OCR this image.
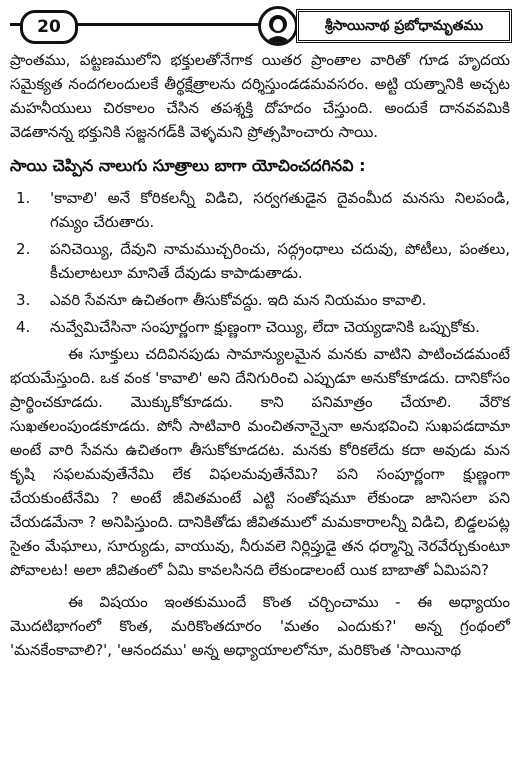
20	శ్రీసాయినాథ ప్రబోధామృతము

ప్రాంతము, పట్టణములోని భక్తులతోనేగాక యితర ప్రాంతాల వారితో గూడ హృదయ సమైక్యత నందగలందులకే తీర్థక్షేత్రాలను దర్శిస్తుండడమవసరం. అట్టి యత్నానికి అచ్చట మహనీయులు చిరకాలం చేసిన తపశ్శక్తి దోహదం చేస్తుంది. అందుకే దానవవమికి వెడతానన్న భక్తునికి సజ్జనగడ్‌కి వెళ్ళమని ప్రోత్సహించారు సాయి.

సాయి చెప్పిన నాలుగు సూత్రాలు బాగా యోచించదగినవి :
1. 'కావాలి' అనే కోరికలన్నీ విడిచి, సర్వగతుడైన దైవంమీద మనసు నిలపండి, గమ్యం చేరుతారు.
2. పనిచెయ్యి, దేవుని నామముచ్చరించు, సద్గ్రంధాలు చదువు, పోటీలు, పంతలు, కీచులాటలూ మానితే దేవుడు కాపాడుతాడు.
3. ఎవరి సేవనూ ఉచితంగా తీసుకోవద్దు. ఇది మన నియమం కావాలి.
4. నువ్వేమిచేసినా సంపూర్ణంగా క్షుణ్ణంగా చెయ్యి, లేదా చెయ్యడానికి ఒప్పుకోకు.

ఈ సూక్తులు చదివినపుడు సామాన్యులమైన మనకు వాటిని పాటించడమంటే భయమేస్తుంది. ఒక వంక 'కావాలి' అని దేనిగురించి ఎప్పుడూ అనుకోకూడదు. దానికోసం ప్రార్థించకూడదు. మొక్కుకోకూడదు. కాని పనిమాత్రం చేయాలి. వేరొక సుఖతలంపుండకూడదు. పోనీ సాటివారి మంచితనాన్నైనా అనుభవించి సుఖపడదామా అంటే వారి సేవను ఉచితంగా తీసుకోకూడదట. మనకు కోరికలేదు కదా అవుడు మన కృషి సఫలమవుతేనేమి లేక విఫలమవుతేనేమి? పని సంపూర్ణంగా క్షుణ్ణంగా చేయకుంటేనేమి ? అంటే జీవితమంటే ఎట్టి సంతోషమూ లేకుండా జానిసలా పని చేయడమేనా ? అనిపిస్తుంది. దానికితోడు జీవితములో మమకారాలన్నీ విడిచి, బిడ్డలపట్ల సైతం మేఘాలు, సూర్యుడు, వాయువు, నీరువలె నిర్లిప్తుడై తన ధర్మాన్ని నెరవేర్చుకుంటూ పోవాలట! అలా జీవితంలో ఏమి కావలసినది లేకుండాలంటే యిక బాబాతో ఏమిపని?

ఈ విషయం ఇంతకుముందే కొంత చర్చించాము - ఈ అధ్యాయం మొదటిభాగంలో కొంత, మరికొంతదూరం 'మతం ఎందుకు?' అన్న గ్రంథంలో 'మనకేంకావాలి?', 'ఆనందము' అన్న అధ్యాయాలలోనూ, మరికొంత 'సాయినాథ
